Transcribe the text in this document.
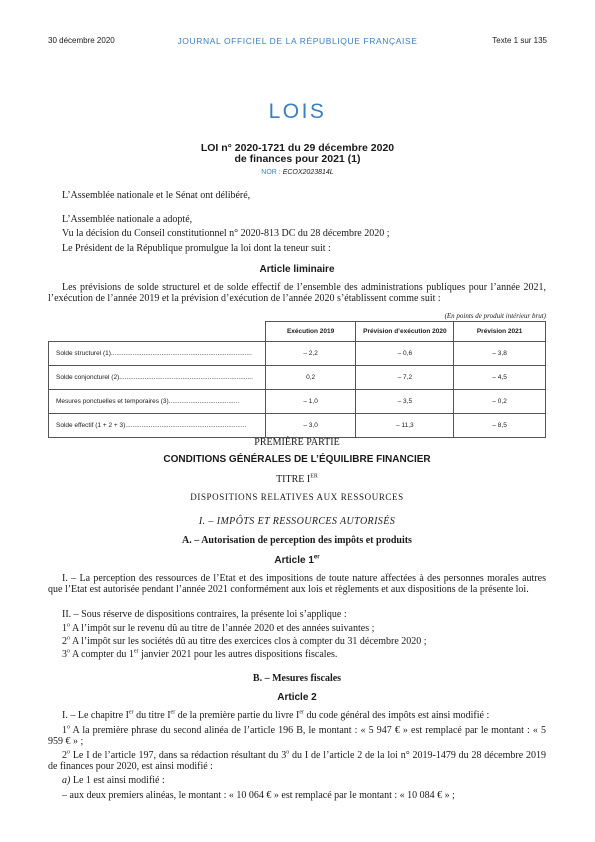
30 décembre 2020	JOURNAL OFFICIEL DE LA RÉPUBLIQUE FRANÇAISE	Texte 1 sur 135
LOIS
LOI n° 2020-1721 du 29 décembre 2020
de finances pour 2021 (1)
NOR : ECOX2023814L

L’Assemblée nationale et le Sénat ont délibéré,

L’Assemblée nationale a adopté,

Vu la décision du Conseil constitutionnel n° 2020-813 DC du 28 décembre 2020 ;

Le Président de la République promulgue la loi dont la teneur suit :

Article liminaire

Les prévisions de solde structurel et de solde effectif de l’ensemble des administrations publiques pour l’année 2021, l’exécution de l’année 2019 et la prévision d’exécution de l’année 2020 s’établissent comme suit :

(En points de produit intérieur brut)
	Exécution 2019	Prévision d’exécution 2020	Prévision 2021
Solde structurel (1)..............................................................................	– 2,2	– 0,6	– 3,8
Solde conjoncturel (2)..........................................................................	0,2	– 7,2	– 4,5
Mesures ponctuelles et temporaires (3).......................................	– 1,0	– 3,5	– 0,2
Solde effectif (1 + 2 + 3)...................................................................	– 3,0	– 11,3	– 8,5

PREMIÈRE PARTIE

CONDITIONS GÉNÉRALES DE L’ÉQUILIBRE FINANCIER

TITRE IER

DISPOSITIONS RELATIVES AUX RESSOURCES

I. – IMPÔTS ET RESSOURCES AUTORISÉS

A. – Autorisation de perception des impôts et produits

Article 1er

I. – La perception des ressources de l’Etat et des impositions de toute nature affectées à des personnes morales autres que l’Etat est autorisée pendant l’année 2021 conformément aux lois et règlements et aux dispositions de la présente loi.

II. – Sous réserve de dispositions contraires, la présente loi s’applique :

1$^o$ A l’impôt sur le revenu dû au titre de l’année 2020 et des années suivantes ;

2$^o$ A l’impôt sur les sociétés dû au titre des exercices clos à compter du 31 décembre 2020 ;

3$^o$ A compter du 1er janvier 2021 pour les autres dispositions fiscales.

B. – Mesures fiscales

Article 2

I. – Le chapitre Ier du titre Ier de la première partie du livre Ier du code général des impôts est ainsi modifié :

1$^o$ A la première phrase du second alinéa de l’article 196 B, le montant : « 5 947 € » est remplacé par le montant : « 5 959 € » ;

2$^o$ Le I de l’article 197, dans sa rédaction résultant du 3$^o$ du I de l’article 2 de la loi n° 2019-1479 du 28 décembre 2019 de finances pour 2020, est ainsi modifié :

a) Le 1 est ainsi modifié :

– aux deux premiers alinéas, le montant : « 10 064 € » est remplacé par le montant : « 10 084 € » ;
